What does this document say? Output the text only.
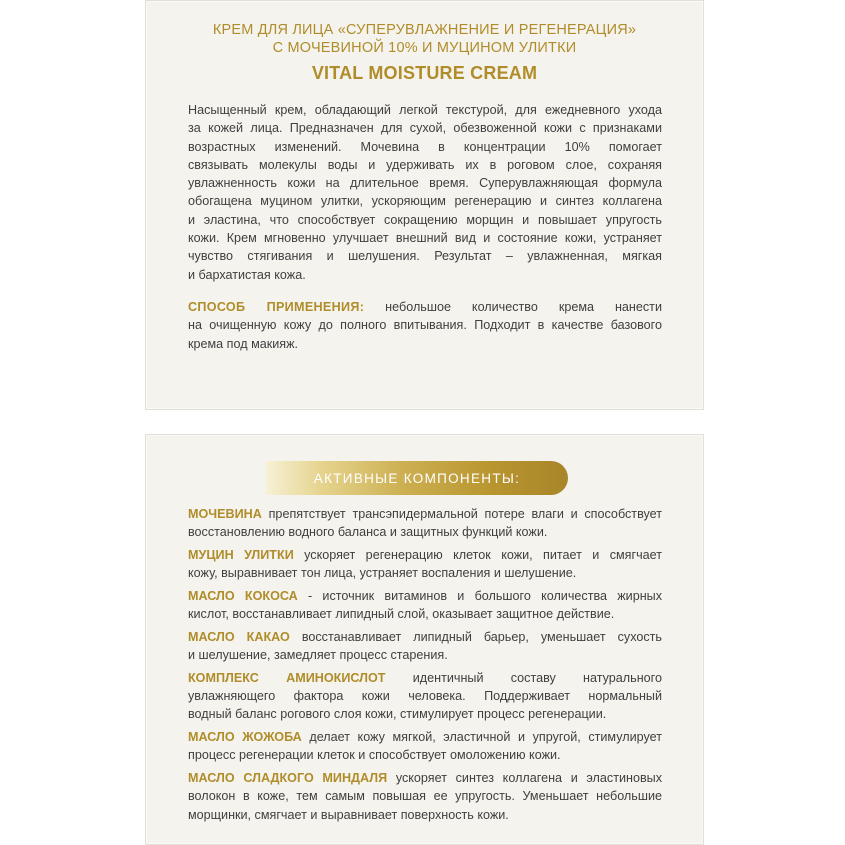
КРЕМ ДЛЯ ЛИЦА «СУПЕРУВЛАЖНЕНИЕ И РЕГЕНЕРАЦИЯ»
С МОЧЕВИНОЙ 10% И МУЦИНОМ УЛИТКИ
VITAL MOISTURE CREAM
Насыщенный крем, обладающий легкой текстурой, для ежедневного ухода
за кожей лица. Предназначен для сухой, обезвоженной кожи с признаками
возрастных изменений. Мочевина в концентрации 10% помогает
связывать молекулы воды и удерживать их в роговом слое, сохраняя
увлажненность кожи на длительное время. Суперувлажняющая формула
обогащена муцином улитки, ускоряющим регенерацию и синтез коллагена
и эластина, что способствует сокращению морщин и повышает упругость
кожи. Крем мгновенно улучшает внешний вид и состояние кожи, устраняет
чувство стягивания и шелушения. Результат – увлажненная, мягкая
и бархатистая кожа.
СПОСОБ ПРИМЕНЕНИЯ: небольшое количество крема нанести
на очищенную кожу до полного впитывания. Подходит в качестве базового
крема под макияж.
АКТИВНЫЕ КОМПОНЕНТЫ:
МОЧЕВИНА препятствует трансэпидермальной потере влаги и способствует
восстановлению водного баланса и защитных функций кожи.
МУЦИН УЛИТКИ ускоряет регенерацию клеток кожи, питает и смягчает
кожу, выравнивает тон лица, устраняет воспаления и шелушение.
МАСЛО КОКОСА - источник витаминов и большого количества жирных
кислот, восстанавливает липидный слой, оказывает защитное действие.
МАСЛО КАКАО восстанавливает липидный барьер, уменьшает сухость
и шелушение, замедляет процесс старения.
КОМПЛЕКС АМИНОКИСЛОТ идентичный составу натурального
увлажняющего фактора кожи человека. Поддерживает нормальный
водный баланс рогового слоя кожи, стимулирует процесс регенерации.
МАСЛО ЖОЖОБА делает кожу мягкой, эластичной и упругой, стимулирует
процесс регенерации клеток и способствует омоложению кожи.
МАСЛО СЛАДКОГО МИНДАЛЯ ускоряет синтез коллагена и эластиновых
волокон в коже, тем самым повышая ее упругость. Уменьшает небольшие
морщинки, смягчает и выравнивает поверхность кожи.
